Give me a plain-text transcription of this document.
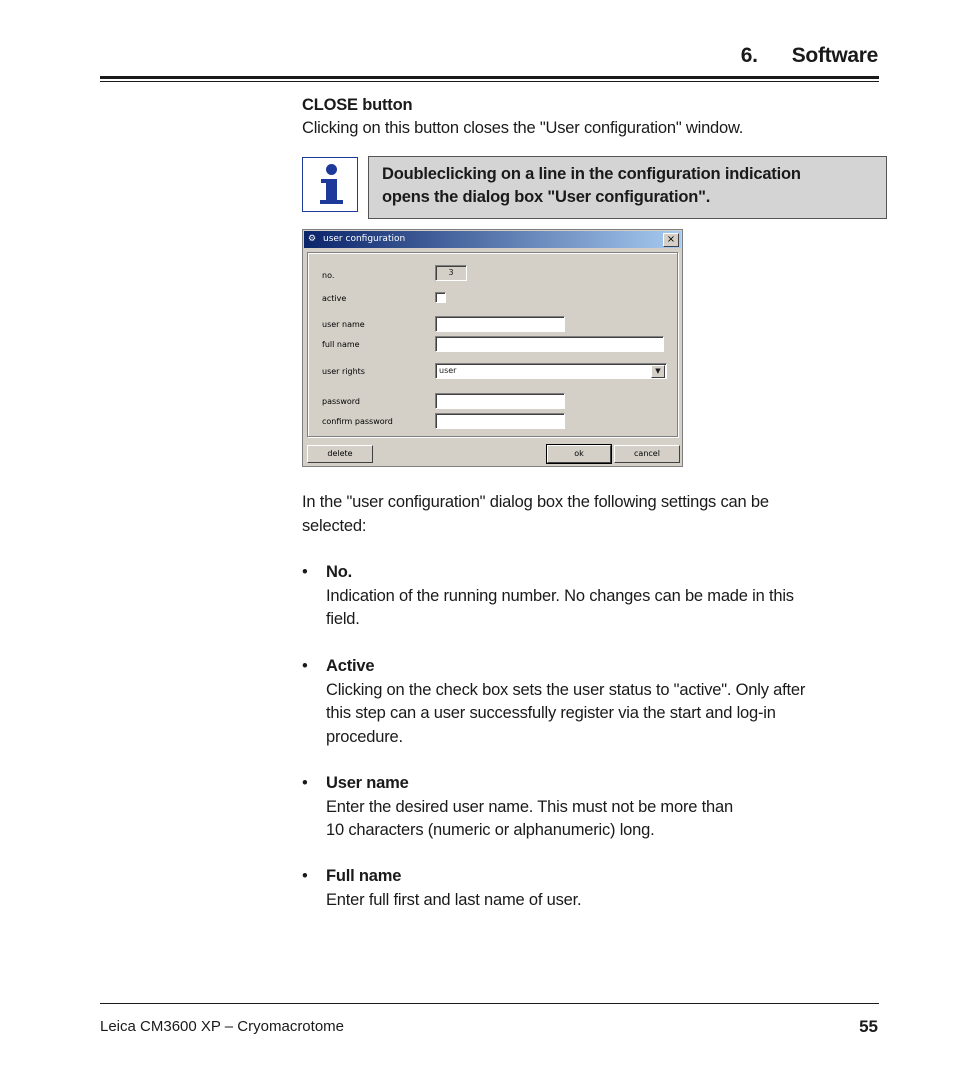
6. Software
CLOSE button
Clicking on this button closes the "User configuration" window.
Doubleclicking on a line in the configuration indication
opens the dialog box "User configuration".
⚙ user configuration	×
no.	3
active
user name
full name
user rights	user	▼
password
confirm password
delete	ok	cancel
In the "user configuration" dialog box the following settings can be
selected:
• No.
Indication of the running number. No changes can be made in this
field.
• Active
Clicking on the check box sets the user status to "active". Only after
this step can a user successfully register via the start and log-in
procedure.
• User name
Enter the desired user name. This must not be more than
10 characters (numeric or alphanumeric) long.
• Full name
Enter full first and last name of user.
Leica CM3600 XP – Cryomacrotome	55
